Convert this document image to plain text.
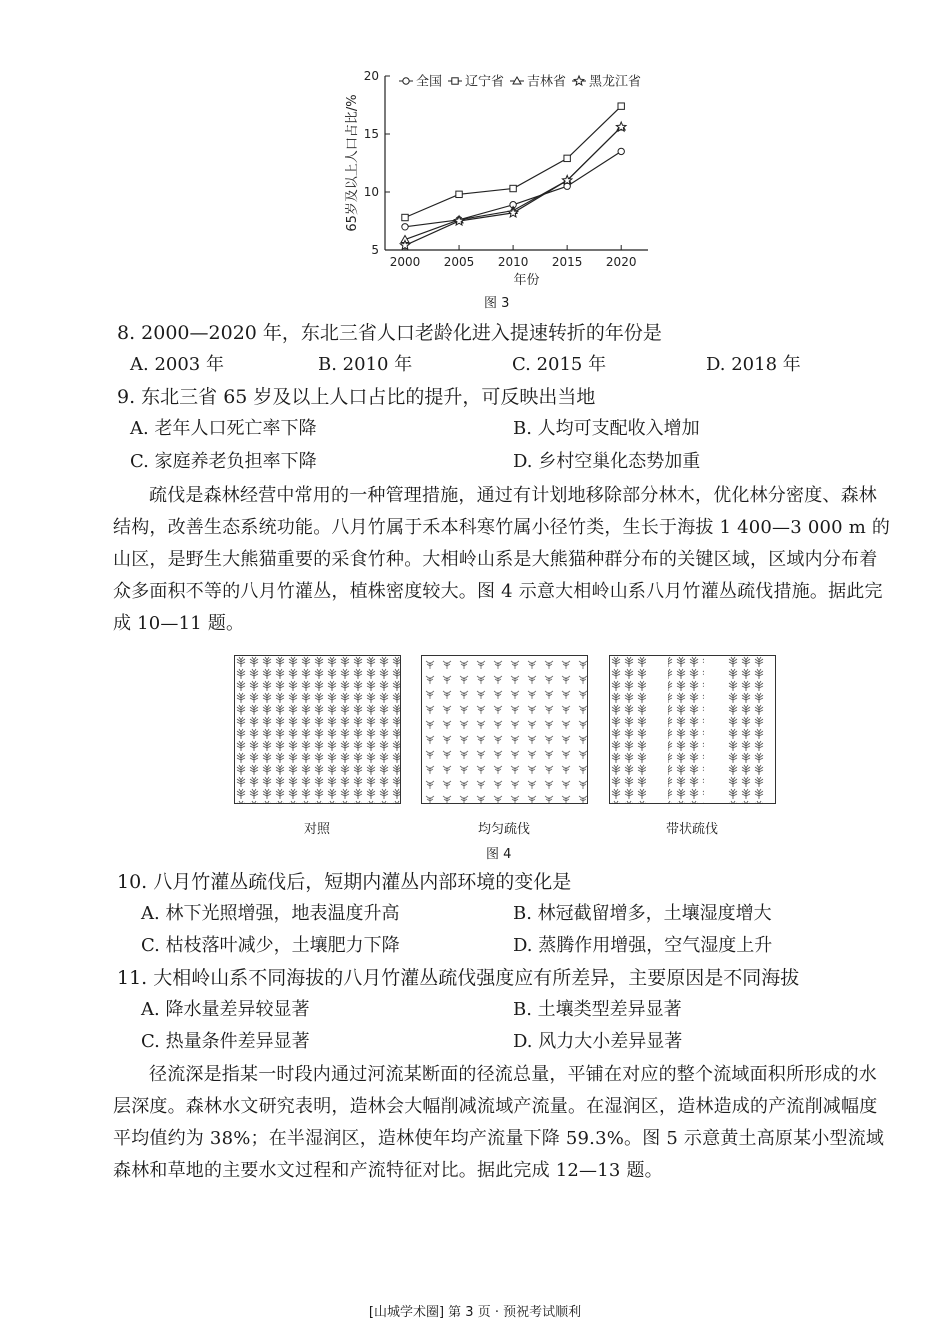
5
10
15
20
2000 2005 2010 2015 2020
年份
65岁及以上人口占比/%
全国 辽宁省 吉林省 黑龙江省
图 3
8. 2000—2020 年，东北三省人口老龄化进入提速转折的年份是
A. 2003 年	B. 2010 年	C. 2015 年	D. 2018 年
9. 东北三省 65 岁及以上人口占比的提升，可反映出当地
A. 老年人口死亡率下降	B. 人均可支配收入增加
C. 家庭养老负担率下降	D. 乡村空巢化态势加重
疏伐是森林经营中常用的一种管理措施，通过有计划地移除部分林木，优化林分密度、森林结构，改善生态系统功能。八月竹属于禾本科寒竹属小径竹类，生长于海拔 1 400—3 000 m 的山区，是野生大熊猫重要的采食竹种。大相岭山系是大熊猫种群分布的关键区域，区域内分布着众多面积不等的八月竹灌丛，植株密度较大。图 4 示意大相岭山系八月竹灌丛疏伐措施。据此完成 10—11 题。
对照	均匀疏伐	带状疏伐
图 4
10. 八月竹灌丛疏伐后，短期内灌丛内部环境的变化是
A. 林下光照增强，地表温度升高	B. 林冠截留增多，土壤湿度增大
C. 枯枝落叶减少，土壤肥力下降	D. 蒸腾作用增强，空气湿度上升
11. 大相岭山系不同海拔的八月竹灌丛疏伐强度应有所差异，主要原因是不同海拔
A. 降水量差异较显著	B. 土壤类型差异显著
C. 热量条件差异显著	D. 风力大小差异显著
径流深是指某一时段内通过河流某断面的径流总量，平铺在对应的整个流域面积所形成的水层深度。森林水文研究表明，造林会大幅削减流域产流量。在湿润区，造林造成的产流削减幅度平均值约为 38%；在半湿润区，造林使年均产流量下降 59.3%。图 5 示意黄土高原某小型流域森林和草地的主要水文过程和产流特征对比。据此完成 12—13 题。
[山城学术圈] 第 3 页 · 预祝考试顺利
